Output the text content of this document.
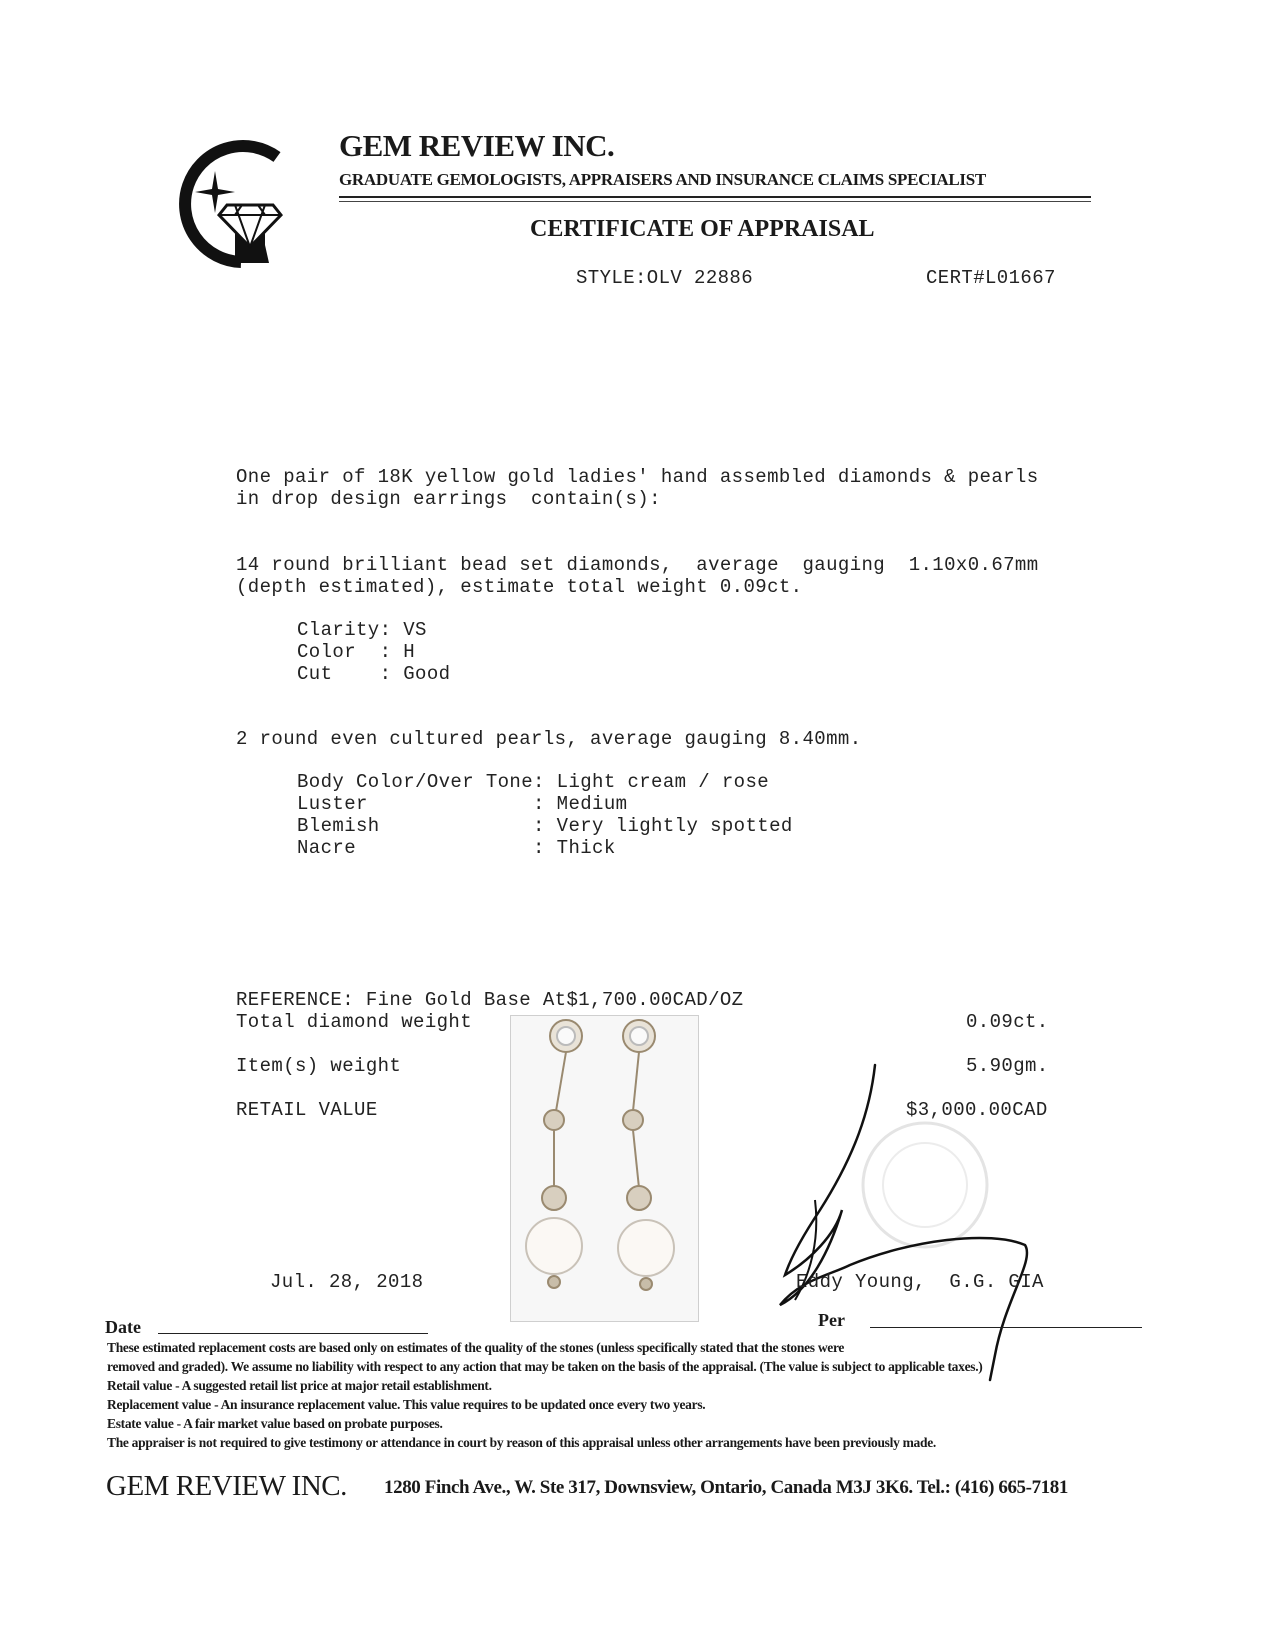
GEM REVIEW INC.
GRADUATE GEMOLOGISTS, APPRAISERS AND INSURANCE CLAIMS SPECIALIST
CERTIFICATE OF APPRAISAL
STYLE:OLV 22886	CERT#L01667
One pair of 18K yellow gold ladies' hand assembled diamonds & pearls
in drop design earrings  contain(s):
14 round brilliant bead set diamonds,  average  gauging  1.10x0.67mm
(depth estimated), estimate total weight 0.09ct.
Clarity: VS
Color  : H
Cut    : Good
2 round even cultured pearls, average gauging 8.40mm.
Body Color/Over Tone: Light cream / rose
Luster              : Medium
Blemish             : Very lightly spotted
Nacre               : Thick
REFERENCE: Fine Gold Base At$1,700.00CAD/OZ
Total diamond weight	0.09ct.
Item(s) weight	5.90gm.
RETAIL VALUE	$3,000.00CAD
Jul. 28, 2018	Eddy Young,  G.G. GIA
Date	Per
These estimated replacement costs are based only on estimates of the quality of the stones (unless specifically stated that the stones were
removed and graded). We assume no liability with respect to any action that may be taken on the basis of the appraisal. (The value is subject to applicable taxes.)
Retail value - A suggested retail list price at major retail establishment.
Replacement value - An insurance replacement value. This value requires to be updated once every two years.
Estate value - A fair market value based on probate purposes.
The appraiser is not required to give testimony or attendance in court by reason of this appraisal unless other arrangements have been previously made.
GEM REVIEW INC. 1280 Finch Ave., W. Ste 317, Downsview, Ontario, Canada M3J 3K6. Tel.: (416) 665-7181
